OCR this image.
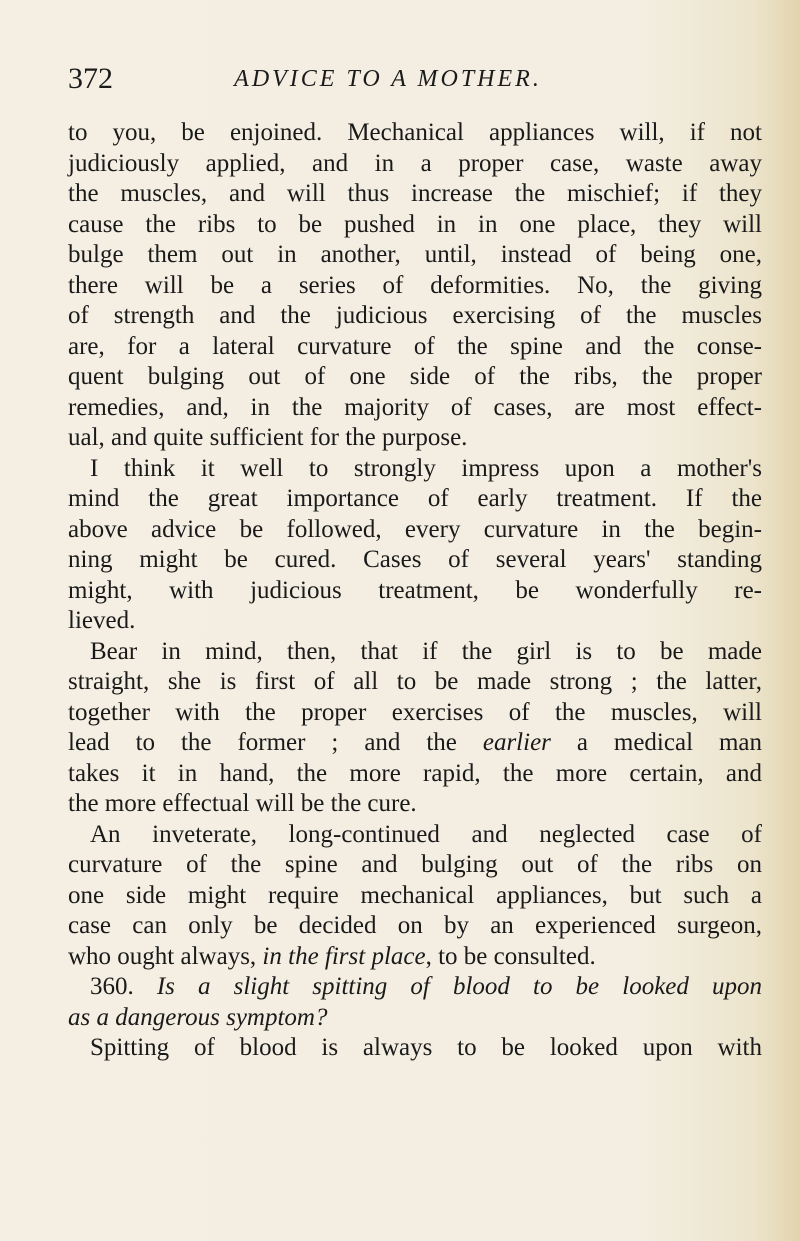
372	ADVICE TO A MOTHER.
to you, be enjoined. Mechanical appliances will, if not
judiciously applied, and in a proper case, waste away
the muscles, and will thus increase the mischief; if they
cause the ribs to be pushed in in one place, they will
bulge them out in another, until, instead of being one,
there will be a series of deformities. No, the giving
of strength and the judicious exercising of the muscles
are, for a lateral curvature of the spine and the conse-
quent bulging out of one side of the ribs, the proper
remedies, and, in the majority of cases, are most effect-
ual, and quite sufficient for the purpose.
I think it well to strongly impress upon a mother's
mind the great importance of early treatment. If the
above advice be followed, every curvature in the begin-
ning might be cured. Cases of several years' standing
might, with judicious treatment, be wonderfully re-
lieved.
Bear in mind, then, that if the girl is to be made
straight, she is first of all to be made strong ; the latter,
together with the proper exercises of the muscles, will
lead to the former ; and the earlier a medical man
takes it in hand, the more rapid, the more certain, and
the more effectual will be the cure.
An inveterate, long-continued and neglected case of
curvature of the spine and bulging out of the ribs on
one side might require mechanical appliances, but such a
case can only be decided on by an experienced surgeon,
who ought always, in the first place, to be consulted.
360. Is a slight spitting of blood to be looked upon
as a dangerous symptom?
Spitting of blood is always to be looked upon with
